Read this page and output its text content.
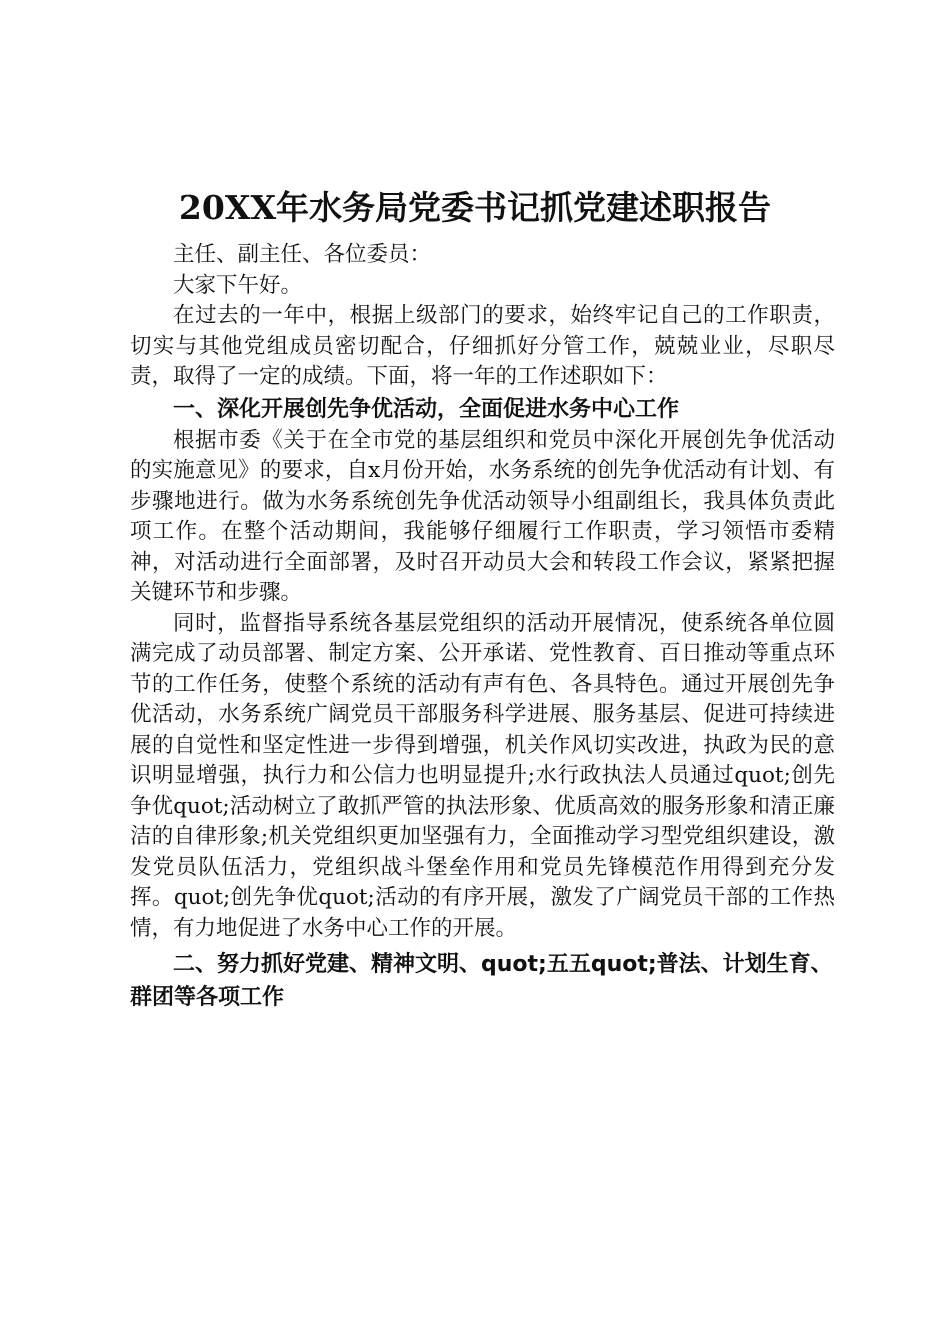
20XX年水务局党委书记抓党建述职报告

主任、副主任、各位委员：

大家下午好。

在过去的一年中，根据上级部门的要求，始终牢记自己的工作职责，切实与其他党组成员密切配合，仔细抓好分管工作，兢兢业业，尽职尽责，取得了一定的成绩。下面，将一年的工作述职如下：

一、深化开展创先争优活动，全面促进水务中心工作

根据市委《关于在全市党的基层组织和党员中深化开展创先争优活动的实施意见》的要求，自x月份开始，水务系统的创先争优活动有计划、有步骤地进行。做为水务系统创先争优活动领导小组副组长，我具体负责此项工作。在整个活动期间，我能够仔细履行工作职责，学习领悟市委精神，对活动进行全面部署，及时召开动员大会和转段工作会议，紧紧把握关键环节和步骤。

同时，监督指导系统各基层党组织的活动开展情况，使系统各单位圆满完成了动员部署、制定方案、公开承诺、党性教育、百日推动等重点环节的工作任务，使整个系统的活动有声有色、各具特色。通过开展创先争优活动，水务系统广阔党员干部服务科学进展、服务基层、促进可持续进展的自觉性和坚定性进一步得到增强，机关作风切实改进，执政为民的意识明显增强，执行力和公信力也明显提升;水行政执法人员通过quot;创先争优quot;活动树立了敢抓严管的执法形象、优质高效的服务形象和清正廉洁的自律形象;机关党组织更加坚强有力，全面推动学习型党组织建设，激发党员队伍活力，党组织战斗堡垒作用和党员先锋模范作用得到充分发挥。quot;创先争优quot;活动的有序开展，激发了广阔党员干部的工作热情，有力地促进了水务中心工作的开展。

二、努力抓好党建、精神文明、quot;五五quot;普法、计划生育、群团等各项工作
